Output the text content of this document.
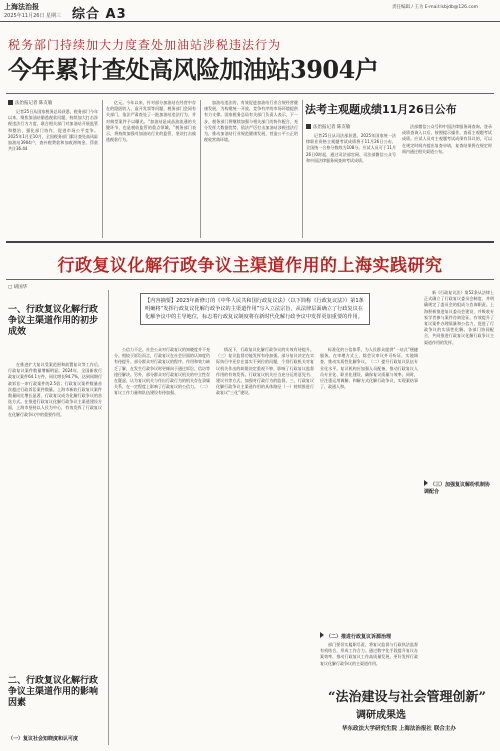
上海法治报
2025年11月26日 星期三 综合 A3	责任编辑 / 王为 E-mail:lsbjdb@126.com
税务部门持续加大力度查处加油站涉税违法行为
今年累计查处高风险加油站3904户
法治报记者 陈友敏

记者25日从国家税务总局获悉，税务部门今年以来，聚焦加油站偷逃税款问题，持续加大打击涉税违法行为力度，联合相关部门对加油站开展监管和整治，强化部门协作，促进市场公平竞争。2025年1月至10月，全国税务部门累计查处高风险加油站3904户，查补税费款和加收滞纳金、罚款共计36.44

亿元。今年以来，针对部分加油站在经营中存在的隐匿收入、虚开发票等问题，税务部门会同有关部门，依法严肃查处了一批加油站违法行为，并对典型案件予以曝光。“加油站是成品油流通的关键环节，也是税收监管的重点领域。”税务部门表示，将持续加强对加油站行业的监管，坚决打击偷逃税款行为。

加油站违法的，有效促进加油站行业合规经营健康发展，为构建统一开放、竞争有序的市场环境提供有力支撑。国家税务总局有关部门负责人表示，下一步，税务部门将继续加强与相关部门的协作配合，充分发挥大数据优势，依法严厉打击加油站涉税违法行为，推动加油站行业规范健康发展，营造公平公正的税收营商环境。

法考主观题成绩11月26日公布
法治报记者 陈友敏

记者25日从司法部获悉，2025年国家统一法律职业资格主观题考试成绩将于11月26日公布，全国统一合格分数线为108分。应试人员可于11月26日0时起，通过司法部官网、司法部微信公众号和中国法律服务网查询考试成绩。

法部微信公众号和中国法律服务网查询。登录成绩查询入口后，按照提示操作，查看主观题考试成绩。应试人员对主观题考试成绩有异议的，可以在规定时间内提出复查申请，复查结果将在规定时间内通过相关渠道公布。

行政复议化解行政争议主渠道作用的上海实践研究
□ 胡国华
【内容摘要】2023年新修订的《中华人民共和国行政复议法》（以下简称《行政复议法》）第1条明确将“发挥行政复议化解行政争议的主渠道作用”写入立法宗旨，从法律层面确立了行政复议在化解争议中的主导地位，标志着行政复议制度将在新时代化解行政争议中发挥更加重要的作用。
一、行政复议化解行政争议主渠道作用的初步成效

在推进扩大复议受案范围和前置复议等工作后，行政复议案件数量增幅明显。2024年，全国新收行政复议案件64.1万件，同比增长94.7%，达到同期行政诉讼一审行政案件的2.5倍；行政复议案件数量首次超过行政诉讼案件数量。上海市新收行政复议案件数量同比增长显著，行政复议成为化解行政争议的首选方式。在推进行政复议化解行政争议主渠道建设方面，上海市坚持以人民为中心，有效发挥了行政复议在化解行政争议中的重要作用。

二、行政复议化解行政争议主渠道作用的影响因素
（一）复议社会知晓度和认可度

公信力不足。社会公众对行政复议的知晓度并不充分。相较于诉讼而言，行政复议在社会层面的认知度仍有待提升。部分群众对行政复议的程序、作用和效力缺乏了解，在发生行政争议时更倾向于通过诉讼、信访等途径解决。另外，部分群众对行政复议机关的中立性存在疑虑，认为复议机关与作出行政行为的机关存在隶属关系，在一定程度上影响了行政复议的公信力。（二）复议工作力量和队伍建设有待加强。

情况下，行政复议化解行政争议的实效有待提升。（三）复议监督功能发挥有待加强。部分复议决定在实际执行中还存在落实不到位的问题，个别行政机关对复议机关作出的纠错决定重视不够，影响了行政复议监督作用的有效发挥。行政复议机关应当充分运用意见书、建议书等方式，加强对行政行为的监督。三、行政复议化解行政争议主渠道作用的具体路径（一）持续推进行政复议“三化”建设。

标准化的公信体系，为人民群众提供“一站式”便捷服务。在审理方式上，除会议审议外可听证、实地调查，推动实质性化解争议。（二）提升行政复议队伍专业化水平。复议机构应加强人员配备，推动行政复议人员专业化、职业化建设，确保复议质量与效率。同时，应注重运用调解、和解方式化解行政争议，实现案结事了、政通人和。

（二）推进行政复议诉源治理

部门要切实履职尽责，将复议监督与行政执法监督有机结合，形成工作合力。通过数字化手段提升复议办案效率，推动行政复议工作高质量发展，更好发挥行政复议化解行政争议的主渠道作用。

新《行政复议法》第52条从法律上正式确立了行政复议委员会制度，并明确规定了委员会的组成与咨询职责。上海积极推进复议委员会建设，并吸收专家学者参与案件咨询论证，有效提升了复议案件办理质量和公信力，促进了行政争议的实质性化解。各部门协同配合，共同推进行政复议化解行政争议主渠道作用的发挥。

（三）加强复议解纷机制协调配合
“法治建设与社会管理创新”
调研成果选
华东政法大学研究生院 上海法治报社 联合主办
